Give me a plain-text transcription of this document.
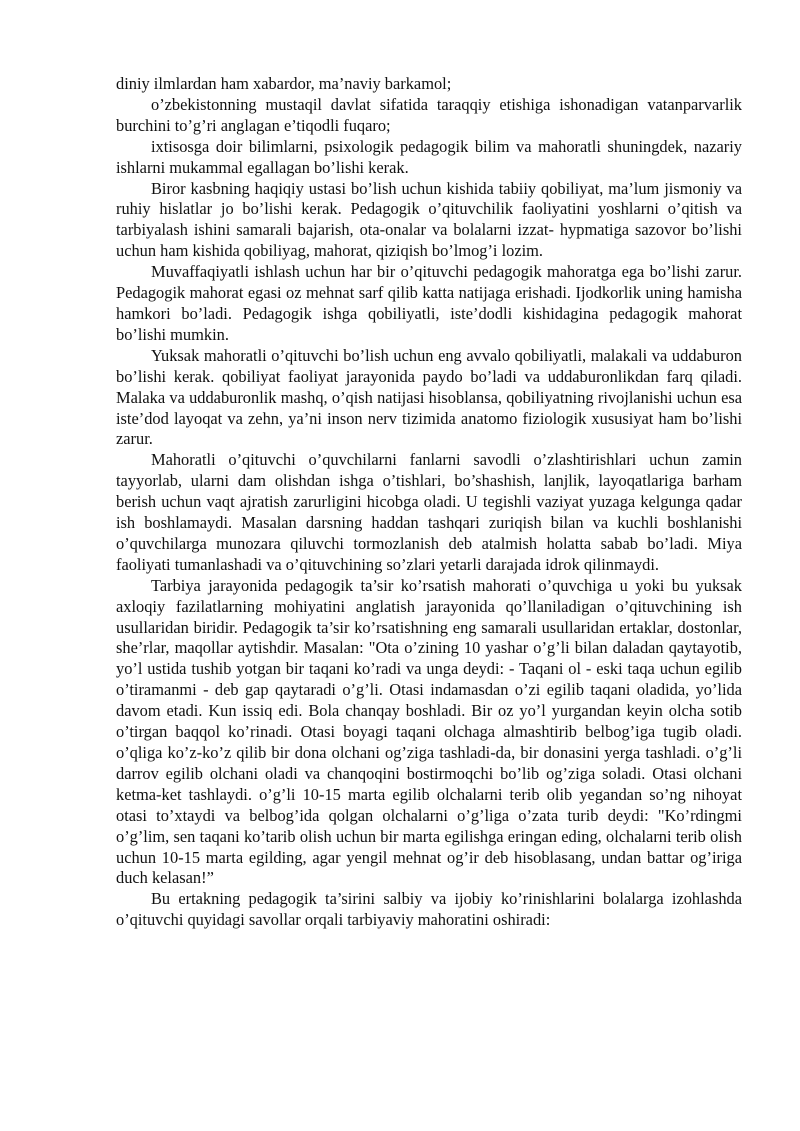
diniy ilmlardan ham xabardor, ma’naviy barkamol;

o’zbekistonning mustaqil davlat sifatida taraqqiy etishiga ishonadigan vatanparvarlik burchini to’g’ri anglagan e’tiqodli fuqaro;

ixtisosga doir bilimlarni, psixologik pedagogik bilim va mahoratli shuningdek, nazariy ishlarni mukammal egallagan bo’lishi kerak.

Biror kasbning haqiqiy ustasi bo’lish uchun kishida tabiiy qobiliyat, ma’lum jismoniy va ruhiy hislatlar jo bo’lishi kerak. Pedagogik o’qituvchilik faoliyatini yoshlarni o’qitish va tarbiyalash ishini samarali bajarish, ota-onalar va bolalarni izzat- hypmatiga sazovor bo’lishi uchun ham kishida qobiliyag, mahorat, qiziqish bo’lmog’i lozim.

Muvaffaqiyatli ishlash uchun har bir o’qituvchi pedagogik mahoratga ega bo’lishi zarur. Pedagogik mahorat egasi oz mehnat sarf qilib katta natijaga erishadi. Ijodkorlik uning hamisha hamkori bo’ladi. Pedagogik ishga qobiliyatli, iste’dodli kishidagina pedagogik mahorat bo’lishi mumkin.

Yuksak mahoratli o’qituvchi bo’lish uchun eng avvalo qobiliyatli, malakali va uddaburon bo’lishi kerak. qobiliyat faoliyat jarayonida paydo bo’ladi va uddaburonlikdan farq qiladi. Malaka va uddaburonlik mashq, o’qish natijasi hisoblansa, qobiliyatning rivojlanishi uchun esa iste’dod layoqat va zehn, ya’ni inson nerv tizimida anatomo fiziologik xususiyat ham bo’lishi zarur.

Mahoratli o’qituvchi o’quvchilarni fanlarni savodli o’zlashtirishlari uchun zamin tayyorlab, ularni dam olishdan ishga o’tishlari, bo’shashish, lanjlik, layoqatlariga barham berish uchun vaqt ajratish zarurligini hicobga oladi. U tegishli vaziyat yuzaga kelgunga qadar ish boshlamaydi. Masalan darsning haddan tashqari zuriqish bilan va kuchli boshlanishi o’quvchilarga munozara qiluvchi tormozlanish deb atalmish holatta sabab bo’ladi. Miya faoliyati tumanlashadi va o’qituvchining so’zlari yetarli darajada idrok qilinmaydi.

Tarbiya jarayonida pedagogik ta’sir ko’rsatish mahorati o’quvchiga u yoki bu yuksak axloqiy fazilatlarning mohiyatini anglatish jarayonida qo’llaniladigan o’qituvchining ish usullaridan biridir. Pedagogik ta’sir ko’rsatishning eng samarali usullaridan ertaklar, dostonlar, she’rlar, maqollar aytishdir. Masalan: "Ota o’zining 10 yashar o’g’li bilan daladan qaytayotib, yo’l ustida tushib yotgan bir taqani ko’radi va unga deydi: - Taqani ol - eski taqa uchun egilib o’tiramanmi - deb gap qaytaradi o’g’li. Otasi indamasdan o’zi egilib taqani oladida, yo’lida davom etadi. Kun issiq edi. Bola chanqay boshladi. Bir oz yo’l yurgandan keyin olcha sotib o’tirgan baqqol ko’rinadi. Otasi boyagi taqani olchaga almashtirib belbog’iga tugib oladi. o’qliga ko’z-ko’z qilib bir dona olchani og’ziga tashladi-da, bir donasini yerga tashladi. o’g’li darrov egilib olchani oladi va chanqoqini bostirmoqchi bo’lib og’ziga soladi. Otasi olchani ketma-ket tashlaydi. o’g’li 10-15 marta egilib olchalarni terib olib yegandan so’ng nihoyat otasi to’xtaydi va belbog’ida qolgan olchalarni o’g’liga o’zata turib deydi: "Ko’rdingmi o’g’lim, sen taqani ko’tarib olish uchun bir marta egilishga eringan eding, olchalarni terib olish uchun 10-15 marta egilding, agar yengil mehnat og’ir deb hisoblasang, undan battar og’iriga duch kelasan!”

Bu ertakning pedagogik ta’sirini salbiy va ijobiy ko’rinishlarini bolalarga izohlashda o’qituvchi quyidagi savollar orqali tarbiyaviy mahoratini oshiradi:
